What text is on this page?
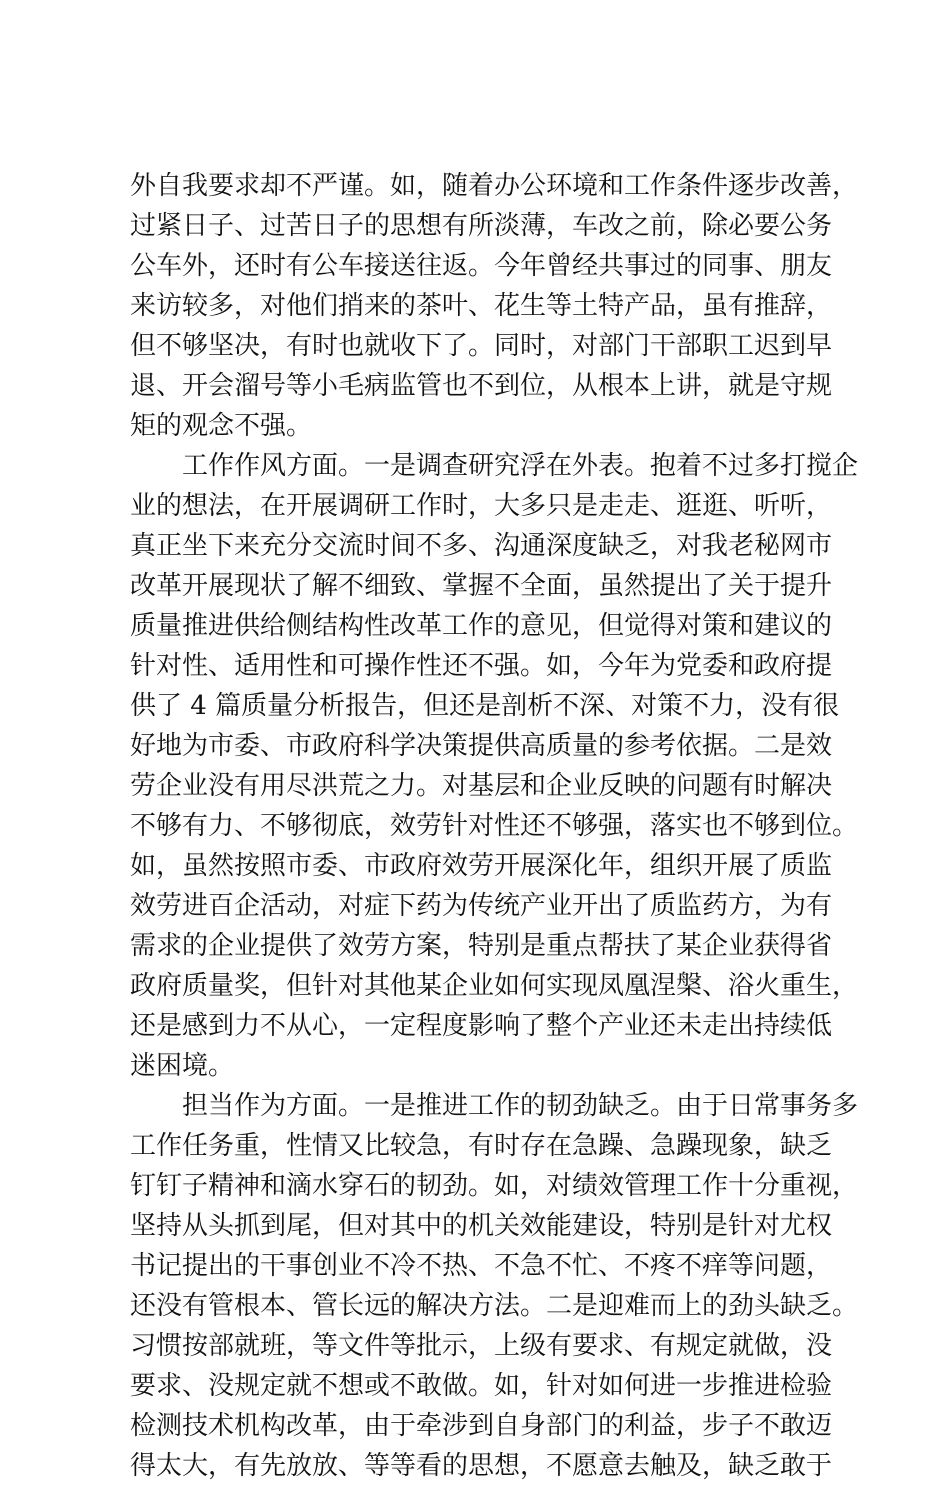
外自我要求却不严谨。如，随着办公环境和工作条件逐步改善，
过紧日子、过苦日子的思想有所淡薄，车改之前，除必要公务
公车外，还时有公车接送往返。今年曾经共事过的同事、朋友
来访较多，对他们捎来的茶叶、花生等土特产品，虽有推辞，
但不够坚决，有时也就收下了。同时，对部门干部职工迟到早
退、开会溜号等小毛病监管也不到位，从根本上讲，就是守规
矩的观念不强。
工作作风方面。一是调查研究浮在外表。抱着不过多打搅企
业的想法，在开展调研工作时，大多只是走走、逛逛、听听，
真正坐下来充分交流时间不多、沟通深度缺乏，对我老秘网市
改革开展现状了解不细致、掌握不全面，虽然提出了关于提升
质量推进供给侧结构性改革工作的意见，但觉得对策和建议的
针对性、适用性和可操作性还不强。如，今年为党委和政府提
供了 4 篇质量分析报告，但还是剖析不深、对策不力，没有很
好地为市委、市政府科学决策提供高质量的参考依据。二是效
劳企业没有用尽洪荒之力。对基层和企业反映的问题有时解决
不够有力、不够彻底，效劳针对性还不够强，落实也不够到位。
如，虽然按照市委、市政府效劳开展深化年，组织开展了质监
效劳进百企活动，对症下药为传统产业开出了质监药方，为有
需求的企业提供了效劳方案，特别是重点帮扶了某企业获得省
政府质量奖，但针对其他某企业如何实现凤凰涅槃、浴火重生，
还是感到力不从心，一定程度影响了整个产业还未走出持续低
迷困境。
担当作为方面。一是推进工作的韧劲缺乏。由于日常事务多
工作任务重，性情又比较急，有时存在急躁、急躁现象，缺乏
钉钉子精神和滴水穿石的韧劲。如，对绩效管理工作十分重视，
坚持从头抓到尾，但对其中的机关效能建设，特别是针对尤权
书记提出的干事创业不冷不热、不急不忙、不疼不痒等问题，
还没有管根本、管长远的解决方法。二是迎难而上的劲头缺乏。
习惯按部就班，等文件等批示，上级有要求、有规定就做，没
要求、没规定就不想或不敢做。如，针对如何进一步推进检验
检测技术机构改革，由于牵涉到自身部门的利益，步子不敢迈
得太大，有先放放、等等看的思想，不愿意去触及，缺乏敢于
